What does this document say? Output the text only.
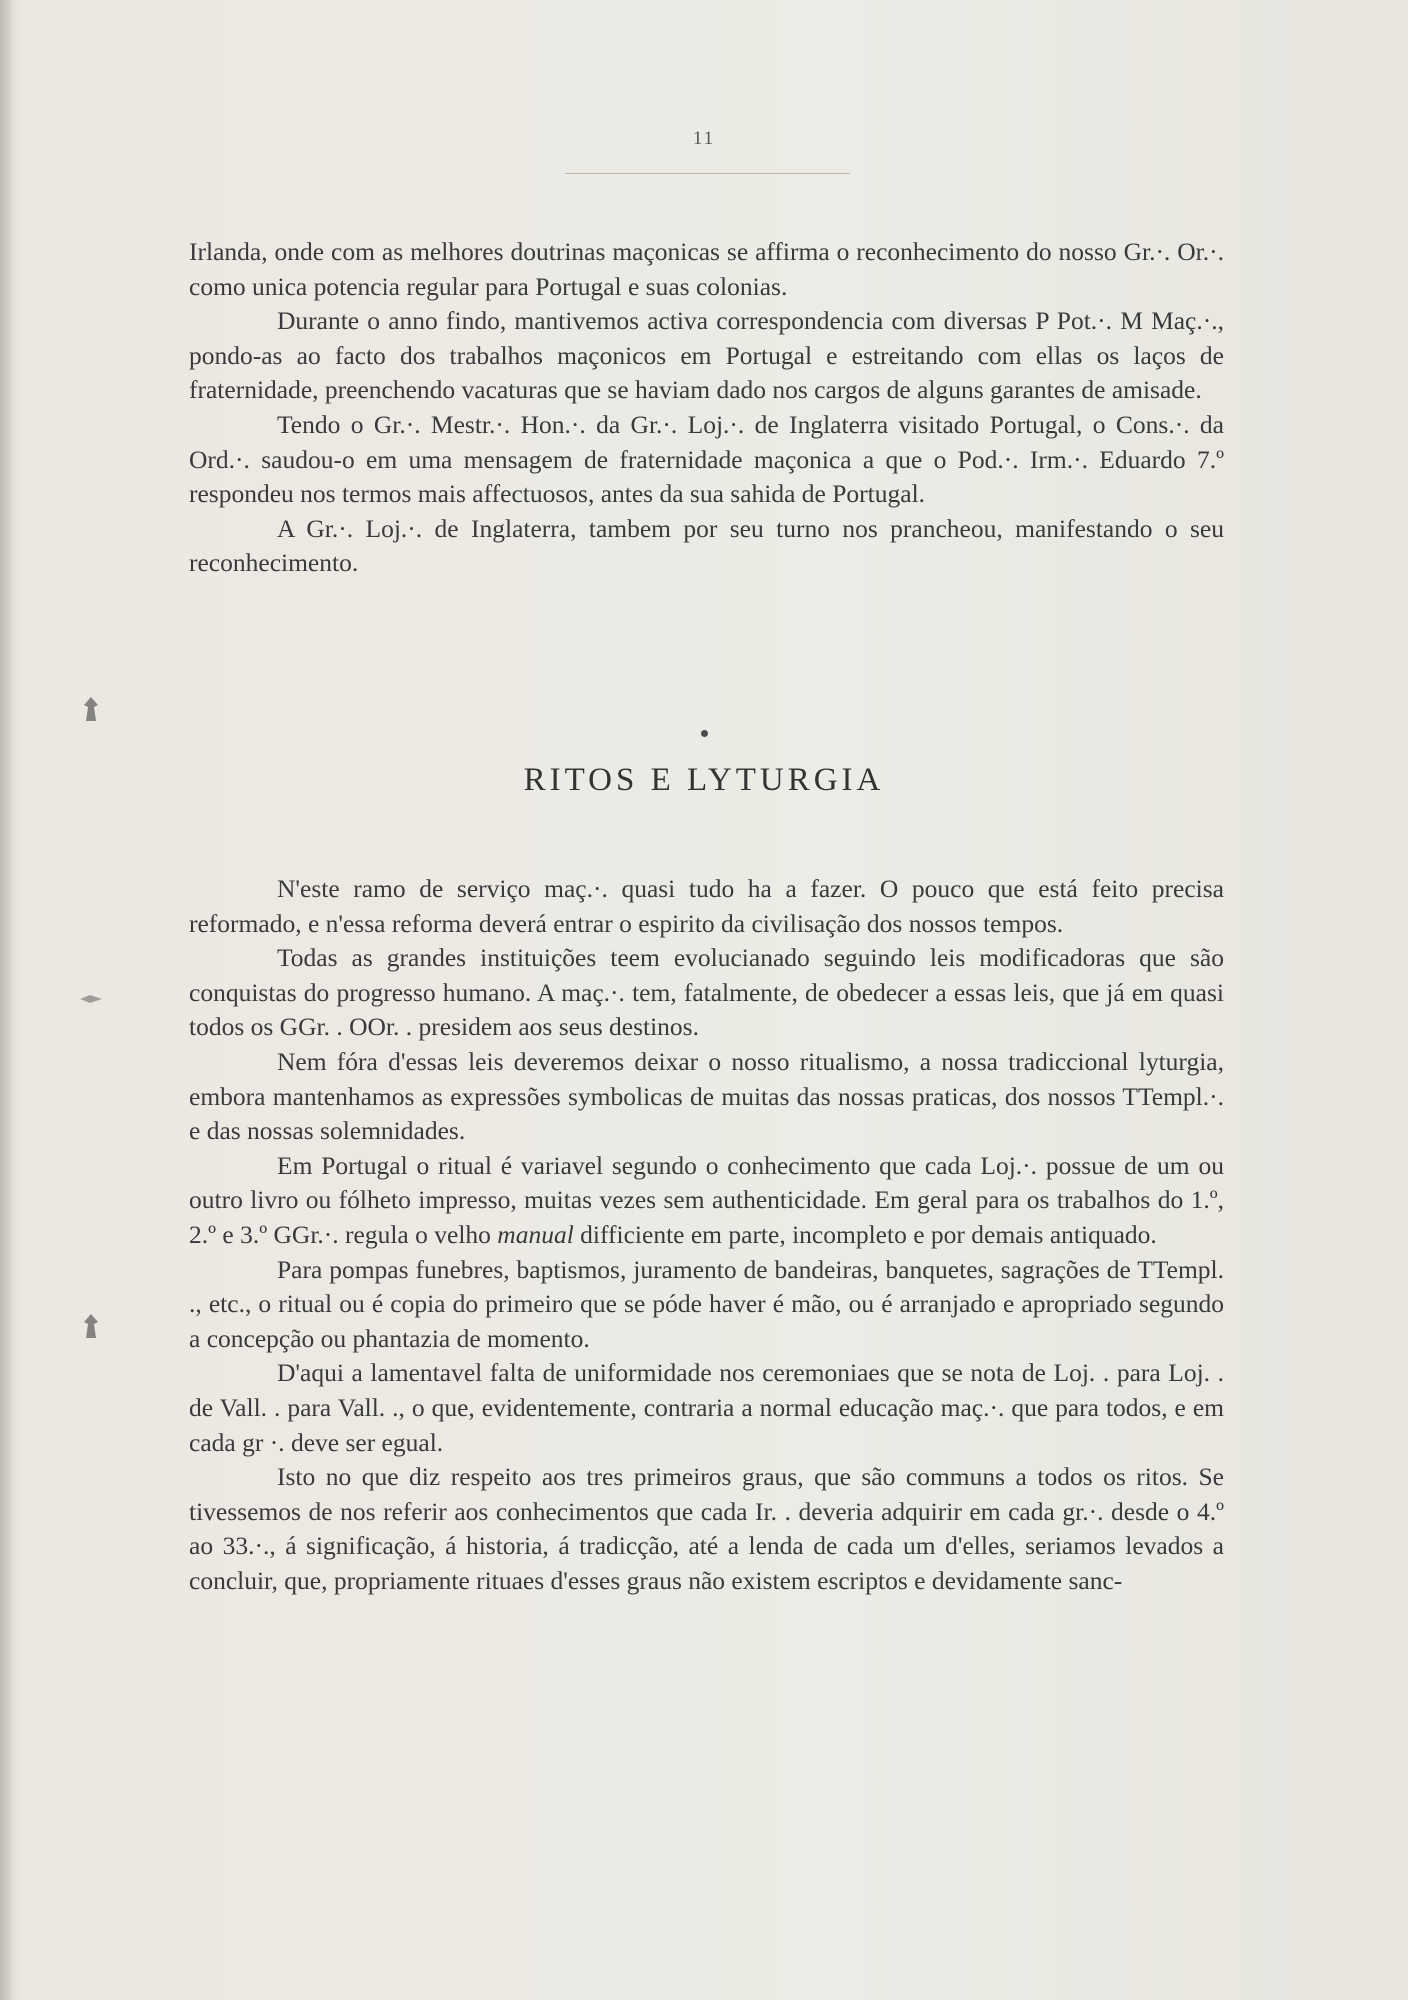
11

Irlanda, onde com as melhores doutrinas maçonicas se affirma o reconhecimento do nosso Gr.·. Or.·. como unica potencia regular para Portugal e suas colonias.

Durante o anno findo, mantivemos activa correspondencia com diversas P Pot.·. M Maç.·., pondo-as ao facto dos trabalhos maçonicos em Portugal e estreitando com ellas os laços de fraternidade, preenchendo vacaturas que se haviam dado nos cargos de alguns garantes de amisade.

Tendo o Gr.·. Mestr.·. Hon.·. da Gr.·. Loj.·. de Inglaterra visitado Portugal, o Cons.·. da Ord.·. saudou-o em uma mensagem de fraternidade maçonica a que o Pod.·. Irm.·. Eduardo 7.º respondeu nos termos mais affectuosos, antes da sua sahida de Portugal.

A Gr.·. Loj.·. de Inglaterra, tambem por seu turno nos prancheou, manifestando o seu reconhecimento.

RITOS E LYTURGIA

N'este ramo de serviço maç.·. quasi tudo ha a fazer. O pouco que está feito precisa reformado, e n'essa reforma deverá entrar o espirito da civilisação dos nossos tempos.

Todas as grandes instituições teem evolucianado seguindo leis modificadoras que são conquistas do progresso humano. A maç.·. tem, fatalmente, de obedecer a essas leis, que já em quasi todos os GGr. . OOr. . presidem aos seus destinos.

Nem fóra d'essas leis deveremos deixar o nosso ritualismo, a nossa tradiccional lyturgia, embora mantenhamos as expressões symbolicas de muitas das nossas praticas, dos nossos TTempl.·. e das nossas solemnidades.

Em Portugal o ritual é variavel segundo o conhecimento que cada Loj.·. possue de um ou outro livro ou fólheto impresso, muitas vezes sem authenticidade. Em geral para os trabalhos do 1.º, 2.º e 3.º GGr.·. regula o velho manual difficiente em parte, incompleto e por demais antiquado.

Para pompas funebres, baptismos, juramento de bandeiras, banquetes, sagrações de TTempl. ., etc., o ritual ou é copia do primeiro que se póde haver é mão, ou é arranjado e apropriado segundo a concepção ou phantazia de momento.

D'aqui a lamentavel falta de uniformidade nos ceremoniaes que se nota de Loj. . para Loj. . de Vall. . para Vall. ., o que, evidentemente, contraria a normal educação maç.·. que para todos, e em cada gr ·. deve ser egual.

Isto no que diz respeito aos tres primeiros graus, que são communs a todos os ritos. Se tivessemos de nos referir aos conhecimentos que cada Ir. . deveria adquirir em cada gr.·. desde o 4.º ao 33.·., á significação, á historia, á tradicção, até a lenda de cada um d'elles, seriamos levados a concluir, que, propriamente rituaes d'esses graus não existem escriptos e devidamente sanc-
